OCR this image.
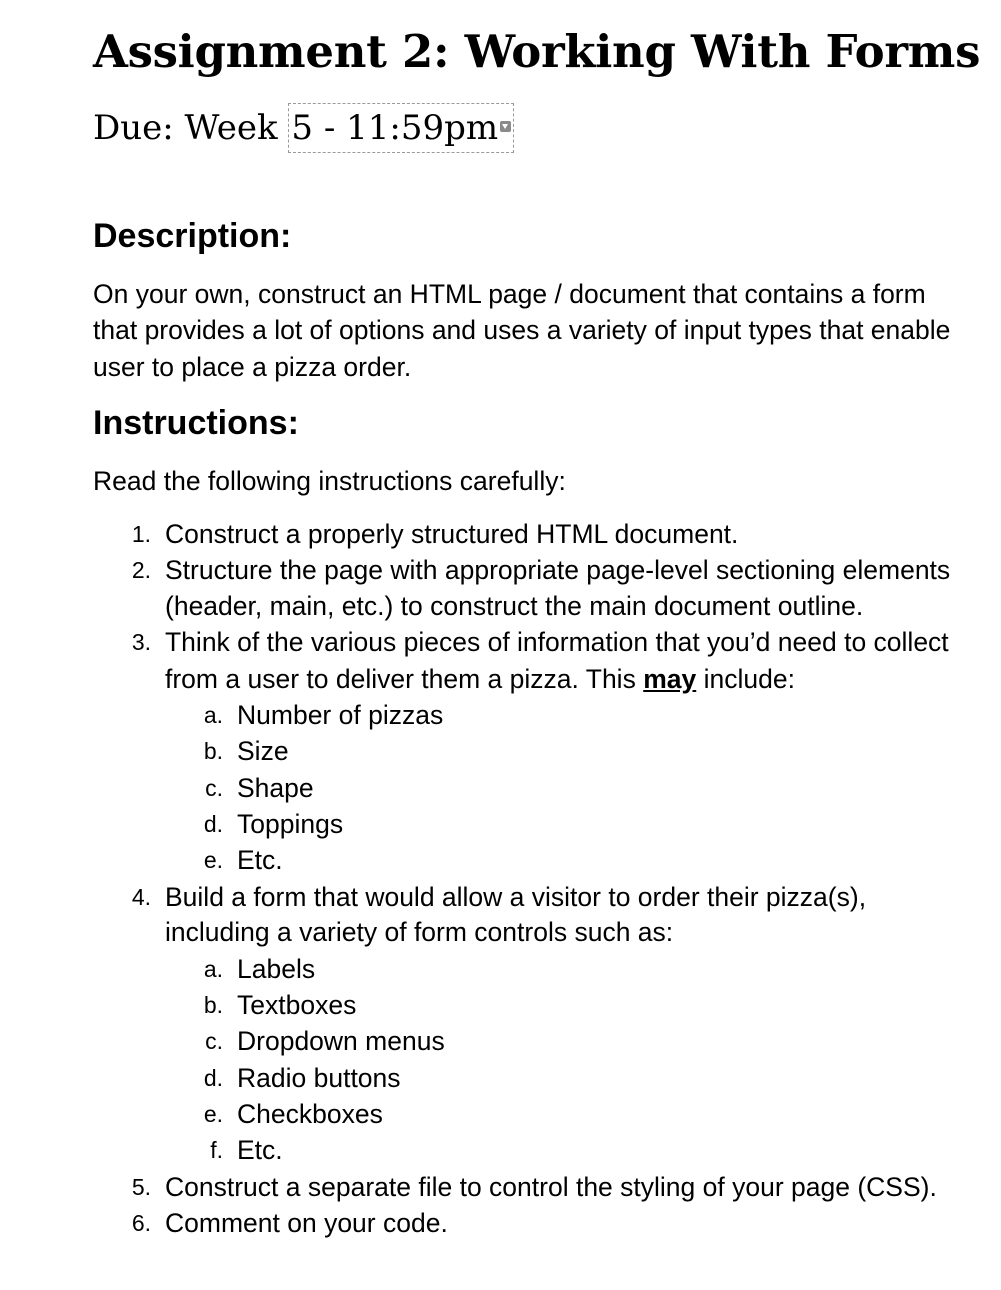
Assignment 2: Working With Forms
Due: Week 5 - 11:59pm
Description:
On your own, construct an HTML page / document that contains a form
that provides a lot of options and uses a variety of input types that enable
user to place a pizza order.
Instructions:
Read the following instructions carefully:
1. Construct a properly structured HTML document.
2. Structure the page with appropriate page-level sectioning elements
(header, main, etc.) to construct the main document outline.
3. Think of the various pieces of information that you’d need to collect
from a user to deliver them a pizza. This may include:
a. Number of pizzas
b. Size
c. Shape
d. Toppings
e. Etc.
4. Build a form that would allow a visitor to order their pizza(s),
including a variety of form controls such as:
a. Labels
b. Textboxes
c. Dropdown menus
d. Radio buttons
e. Checkboxes
f. Etc.
5. Construct a separate file to control the styling of your page (CSS).
6. Comment on your code.
